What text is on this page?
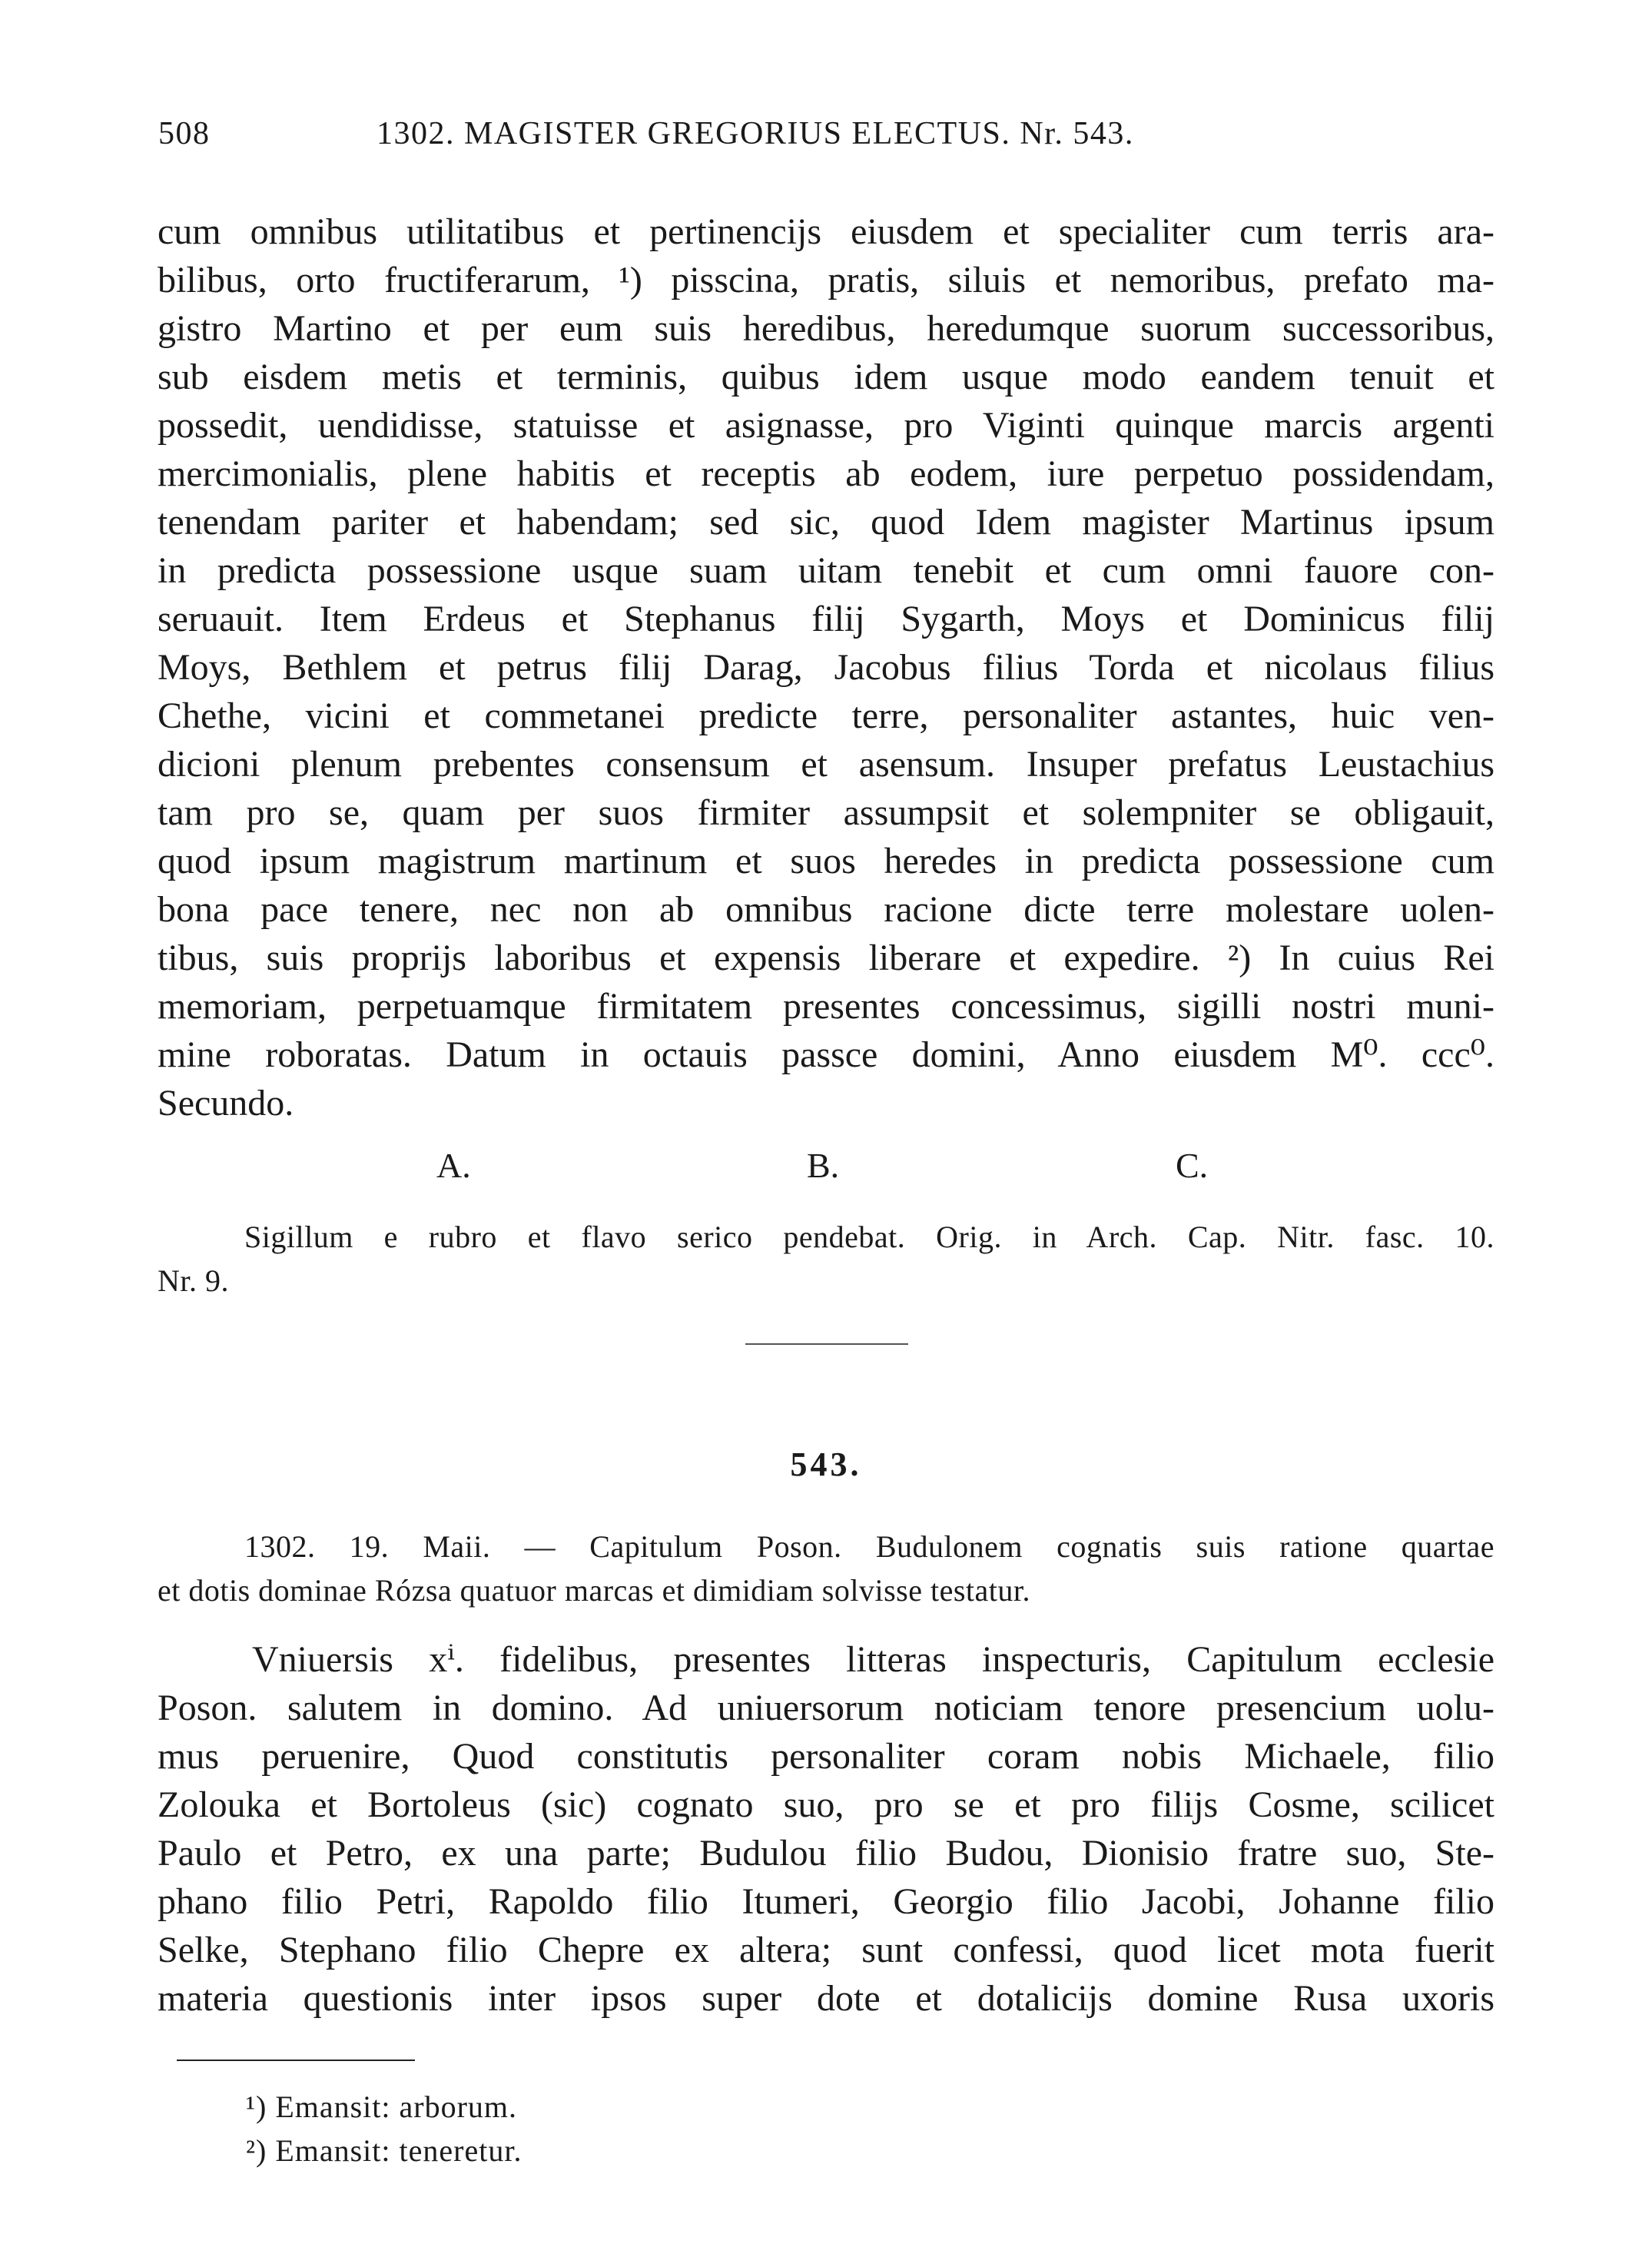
508	1302. MAGISTER GREGORIUS ELECTUS. Nr. 543.
cum omnibus utilitatibus et pertinencijs eiusdem et specialiter cum terris ara-
bilibus, orto fructiferarum, ¹) pisscina, pratis, siluis et nemoribus, prefato ma-
gistro Martino et per eum suis heredibus, heredumque suorum successoribus,
sub eisdem metis et terminis, quibus idem usque modo eandem tenuit et
possedit, uendidisse, statuisse et asignasse, pro Viginti quinque marcis argenti
mercimonialis, plene habitis et receptis ab eodem, iure perpetuo possidendam,
tenendam pariter et habendam; sed sic, quod Idem magister Martinus ipsum
in predicta possessione usque suam uitam tenebit et cum omni fauore con-
seruauit. Item Erdeus et Stephanus filij Sygarth, Moys et Dominicus filij
Moys, Bethlem et petrus filij Darag, Jacobus filius Torda et nicolaus filius
Chethe, vicini et commetanei predicte terre, personaliter astantes, huic ven-
dicioni plenum prebentes consensum et asensum. Insuper prefatus Leustachius
tam pro se, quam per suos firmiter assumpsit et solempniter se obligauit,
quod ipsum magistrum martinum et suos heredes in predicta possessione cum
bona pace tenere, nec non ab omnibus racione dicte terre molestare uolen-
tibus, suis proprijs laboribus et expensis liberare et expedire. ²) In cuius Rei
memoriam, perpetuamque firmitatem presentes concessimus, sigilli nostri muni-
mine roboratas. Datum in octauis passce domini, Anno eiusdem M⁰. ccc⁰.
Secundo.
A.	B.	C.
Sigillum e rubro et flavo serico pendebat. Orig. in Arch. Cap. Nitr. fasc. 10.
Nr. 9.
543.
1302. 19. Maii. — Capitulum Poson. Budulonem cognatis suis ratione quartae
et dotis dominae Rózsa quatuor marcas et dimidiam solvisse testatur.
Vniuersis xⁱ. fidelibus, presentes litteras inspecturis, Capitulum ecclesie
Poson. salutem in domino. Ad uniuersorum noticiam tenore presencium uolu-
mus peruenire, Quod constitutis personaliter coram nobis Michaele, filio
Zolouka et Bortoleus (sic) cognato suo, pro se et pro filijs Cosme, scilicet
Paulo et Petro, ex una parte; Budulou filio Budou, Dionisio fratre suo, Ste-
phano filio Petri, Rapoldo filio Itumeri, Georgio filio Jacobi, Johanne filio
Selke, Stephano filio Chepre ex altera; sunt confessi, quod licet mota fuerit
materia questionis inter ipsos super dote et dotalicijs domine Rusa uxoris
¹) Emansit: arborum.
²) Emansit: teneretur.
